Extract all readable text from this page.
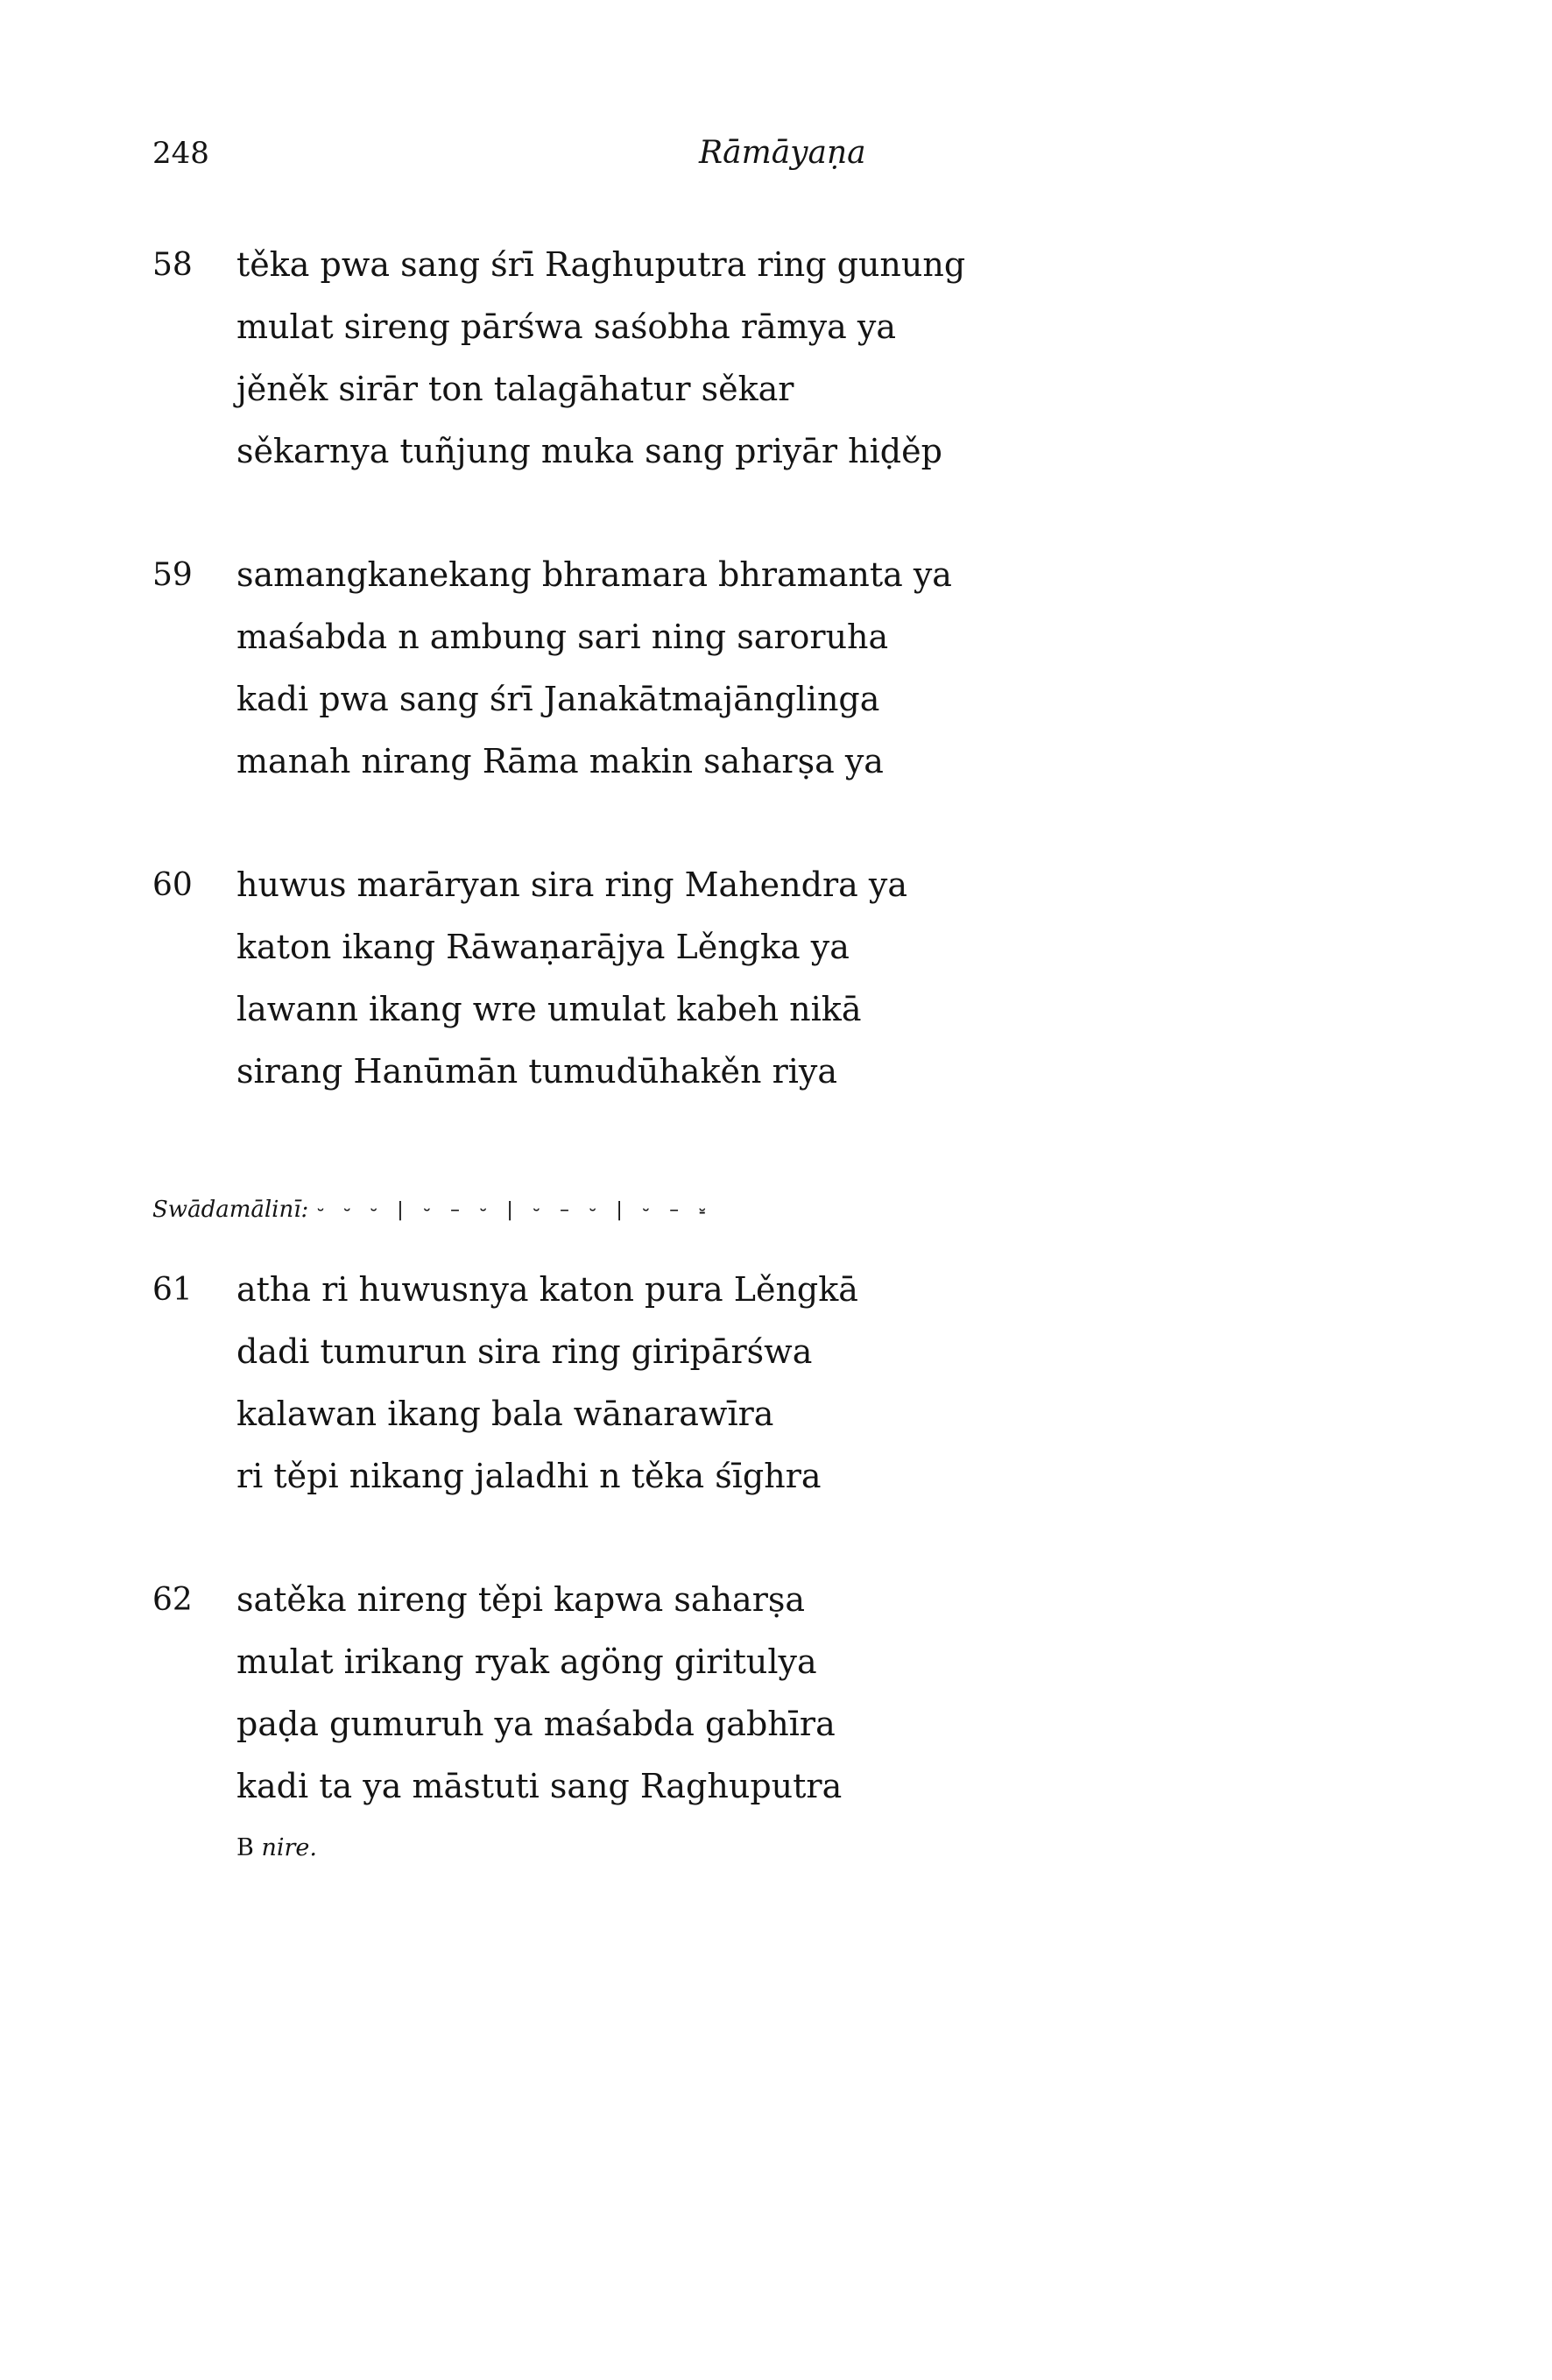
248	Rāmāyaṇa
58 těka pwa sang śrī Raghuputra ring gunung
mulat sireng pārśwa saśobha rāmya ya
jěněk sirār ton talagāhatur sěkar
sěkarnya tuñjung muka sang priyār hiḍěp
59 samangkanekang bhramara bhramanta ya
maśabda n ambung sari ning saroruha
kadi pwa sang śrī Janakātmajānglinga
manah nirang Rāma makin saharṣa ya
60 huwus marāryan sira ring Mahendra ya
katon ikang Rāwaṇarājya Lěngka ya
lawann ikang wre umulat kabeh nikā
sirang Hanūmān tumudūhakěn riya
Swādamālinī: ⏑ ⏑ ⏑ | ⏑ – ⏑ | ⏑ – ⏑ | ⏑ – ⏓
61 atha ri huwusnya katon pura Lěngkā
dadi tumurun sira ring giripārśwa
kalawan ikang bala wānarawīra
ri těpi nikang jaladhi n těka śīghra
62 satěka nireng těpi kapwa saharṣa
mulat irikang ryak agöng giritulya
paḍa gumuruh ya maśabda gabhīra
kadi ta ya māstuti sang Raghuputra
B nire.
